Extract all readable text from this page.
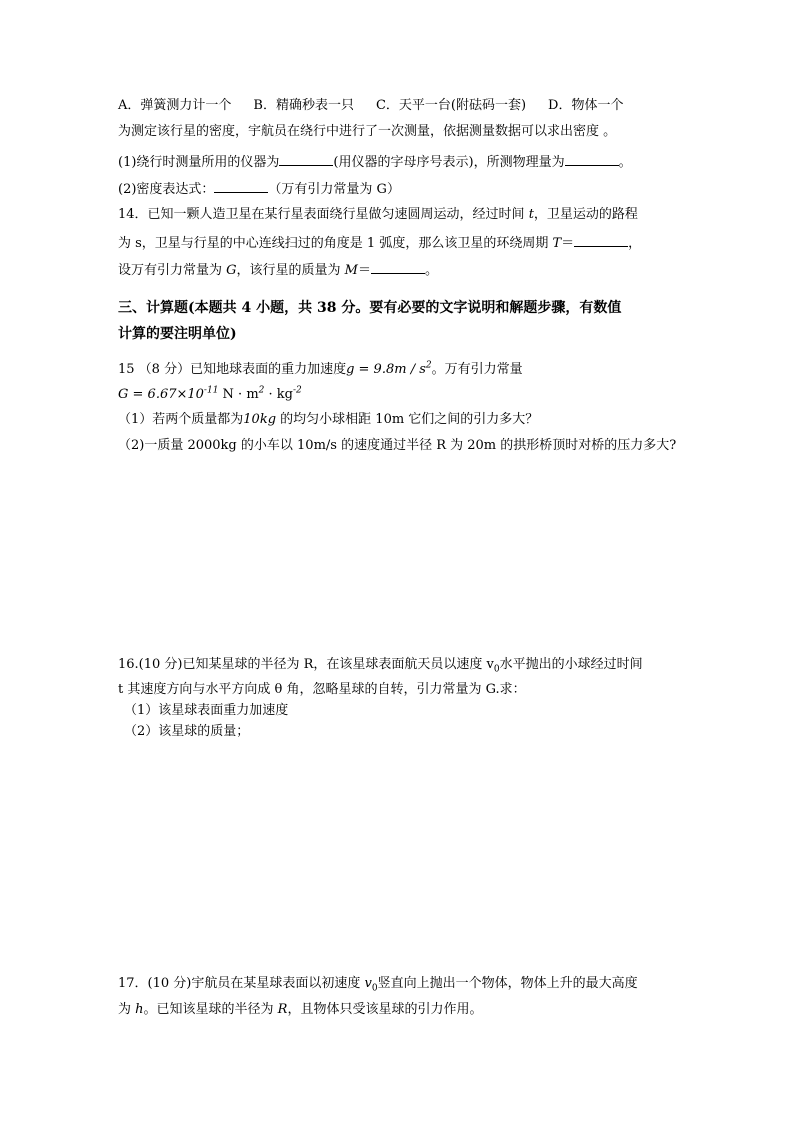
A．弹簧测力计一个 B．精确秒表一只 C．天平一台(附砝码一套) D．物体一个
为测定该行星的密度，宇航员在绕行中进行了一次测量，依据测量数据可以求出密度 。
(1)绕行时测量所用的仪器为	(用仪器的字母序号表示)，所测物理量为	。
(2)密度表达式：	（万有引力常量为 G）
14．已知一颗人造卫星在某行星表面绕行星做匀速圆周运动，经过时间 t，卫星运动的路程
为 s，卫星与行星的中心连线扫过的角度是 1 弧度，那么该卫星的环绕周期 T＝	，
设万有引力常量为 G，该行星的质量为 M＝	。
三、计算题(本题共 4 小题，共 38 分。要有必要的文字说明和解题步骤，有数值
计算的要注明单位)
15 （8 分）已知地球表面的重力加速度$g = 9.8m / s^2$。万有引力常量
$G = 6.67\times 10^{-11}$ $N \cdot m^2 \cdot kg^{-2}$
（1）若两个质量都为10kg 的均匀小球相距 10m 它们之间的引力多大？
（2)一质量 2000kg 的小车以 10m/s 的速度通过半径 R 为 20m 的拱形桥顶时对桥的压力多大?
16.(10 分)已知某星球的半径为 R，在该星球表面航天员以速度 $v_0$水平抛出的小球经过时间
t 其速度方向与水平方向成 θ 角，忽略星球的自转，引力常量为 G.求：
（1）该星球表面重力加速度
（2）该星球的质量；
17．(10 分)宇航员在某星球表面以初速度 $v_0$竖直向上抛出一个物体，物体上升的最大高度
为 h。已知该星球的半径为 R，且物体只受该星球的引力作用。
